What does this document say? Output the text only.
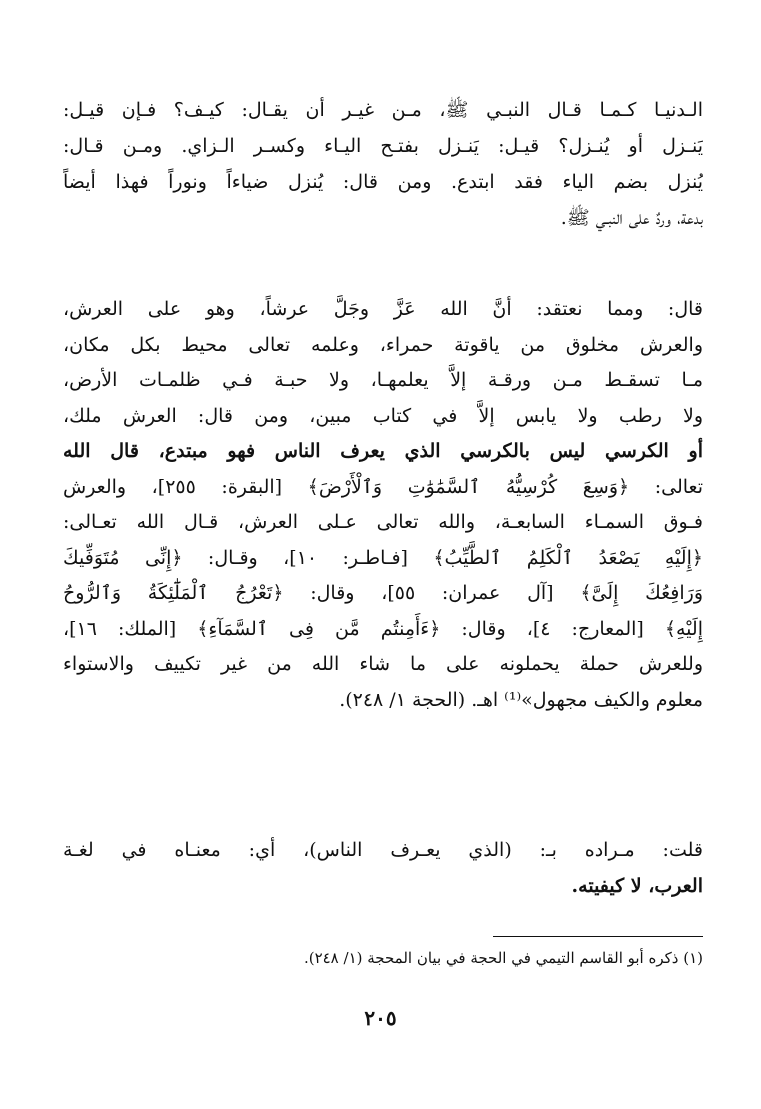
الـدنيـا كـمـا قـال النبـي ﷺ، مـن غيـر أن يقـال: كيـف؟ فـإن قيـل:
يَنـزل أو يُنـزل؟ قيـل: يَنـزل بفتـح اليـاء وكسـر الـزاي. ومـن قـال:
يُنزل بضم الياء فقد ابتدع. ومن قال: يُنزل ضياءاً ونوراً فهذا أيضاً
بدعة، وردٌ على النبـي ﷺ.
قال: ومما نعتقد: أنَّ الله عَزَّ وجَلَّ عرشاً، وهو على العرش،
والعرش مخلوق من ياقوتة حمراء، وعلمه تعالى محيط بكل مكان،
مـا تسقـط مـن ورقـة إلاَّ يعلمهـا، ولا حبـة فـي ظلمـات الأرض،
ولا رطب ولا يابس إلاَّ في كتاب مبين، ومن قال: العرش ملك،
أو الكرسي ليس بالكرسي الذي يعرف الناس فهو مبتدع، قال الله
تعالى: ﴿وَسِعَ كُرْسِيُّهُ ٱلسَّمَٰوَٰتِ وَٱلْأَرْضَ﴾ [البقرة: ٢٥٥]، والعرش
فـوق السمـاء السابعـة، والله تعالى عـلى العرش، قـال الله تعـالى:
﴿إِلَيْهِ يَصْعَدُ ٱلْكَلِمُ ٱلطَّيِّبُ﴾ [فـاطـر: ١٠]، وقـال: ﴿إِنِّى مُتَوَفِّيكَ
وَرَافِعُكَ إِلَىَّ﴾ [آل عمران: ٥٥]، وقال: ﴿تَعْرُجُ ٱلْمَلَٰٓئِكَةُ وَٱلرُّوحُ
إِلَيْهِ﴾ [المعارج: ٤]، وقال: ﴿ءَأَمِنتُم مَّن فِى ٱلسَّمَآءِ﴾ [الملك: ١٦]،
وللعرش حملة يحملونه على ما شاء الله من غير تكييف والاستواء
معلوم والكيف مجهول»⁽¹⁾ اهـ. (الحجة ١/ ٢٤٨).
قلت: مـراده بـ: (الذي يعـرف الناس)، أي: معنـاه في لغـة
العرب، لا كيفيته.
(١) ذكره أبو القاسم التيمي في الحجة في بيان المحجة (١/ ٢٤٨).
٢٠٥
